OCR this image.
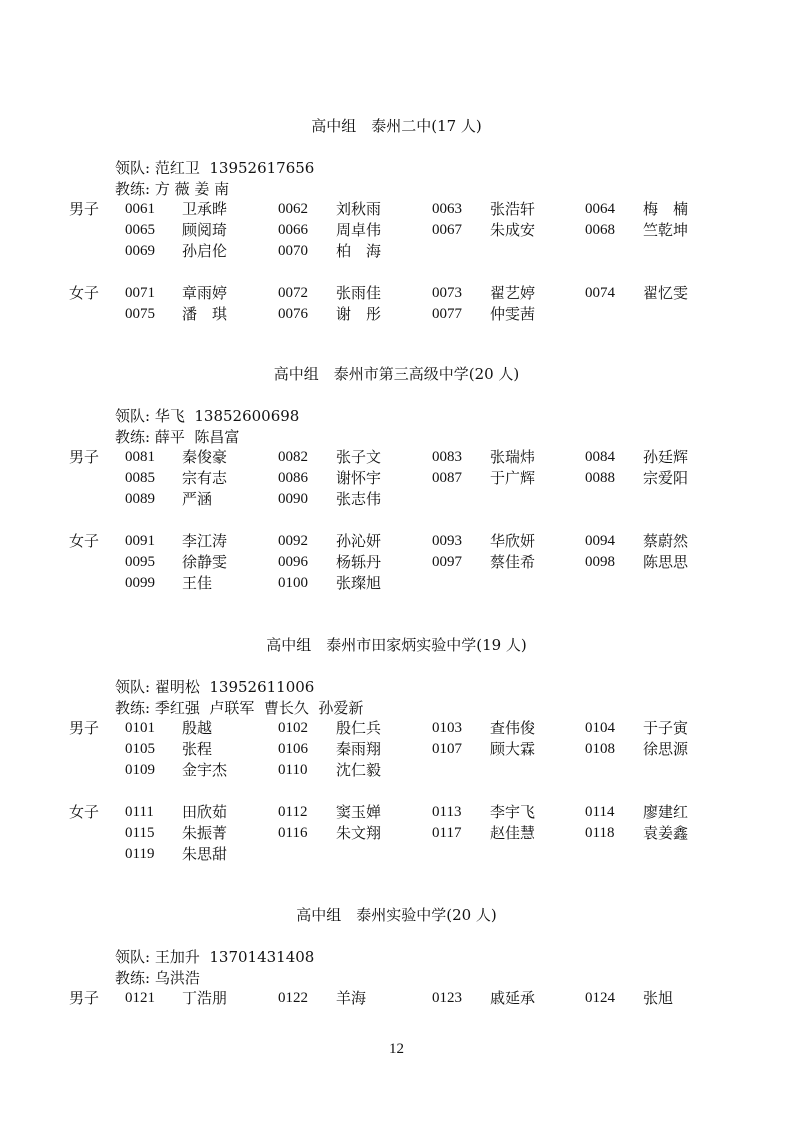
高中组　泰州二中(17 人)
领队: 范红卫  13952617656
教练: 方 薇 姜 南
男子 0061 卫承晔	0062 刘秋雨	0063 张浩轩	0064 梅　楠
0065 顾阅琦	0066 周卓伟	0067 朱成安	0068 竺乾坤
0069 孙启伦	0070 柏　海
女子 0071 章雨婷	0072 张雨佳	0073 翟艺婷	0074 翟忆雯
0075 潘　琪	0076 谢　彤	0077 仲雯茜
高中组　泰州市第三高级中学(20 人)
领队: 华飞  13852600698
教练: 薛平  陈昌富
男子 0081 秦俊豪	0082 张子文	0083 张瑞炜	0084 孙廷辉
0085 宗有志	0086 谢怀宇	0087 于广辉	0088 宗爱阳
0089 严涵	0090 张志伟
女子 0091 李江涛	0092 孙沁妍	0093 华欣妍	0094 蔡蔚然
0095 徐静雯	0096 杨轹丹	0097 蔡佳希	0098 陈思思
0099 王佳	0100 张璨旭
高中组　泰州市田家炳实验中学(19 人)
领队: 翟明松  13952611006
教练: 季红强  卢联军  曹长久  孙爱新
男子 0101 殷越	0102 殷仁兵	0103 查伟俊	0104 于子寅
0105 张程	0106 秦雨翔	0107 顾大霖	0108 徐思源
0109 金宇杰	0110 沈仁毅
女子 0111 田欣茹	0112 窦玉婵	0113 李宇飞	0114 廖建红
0115 朱振菁	0116 朱文翔	0117 赵佳慧	0118 袁姜鑫
0119 朱思甜
高中组　泰州实验中学(20 人)
领队: 王加升  13701431408
教练: 乌洪浩
男子 0121 丁浩朋	0122 羊海	0123 戚延承	0124 张旭
12
